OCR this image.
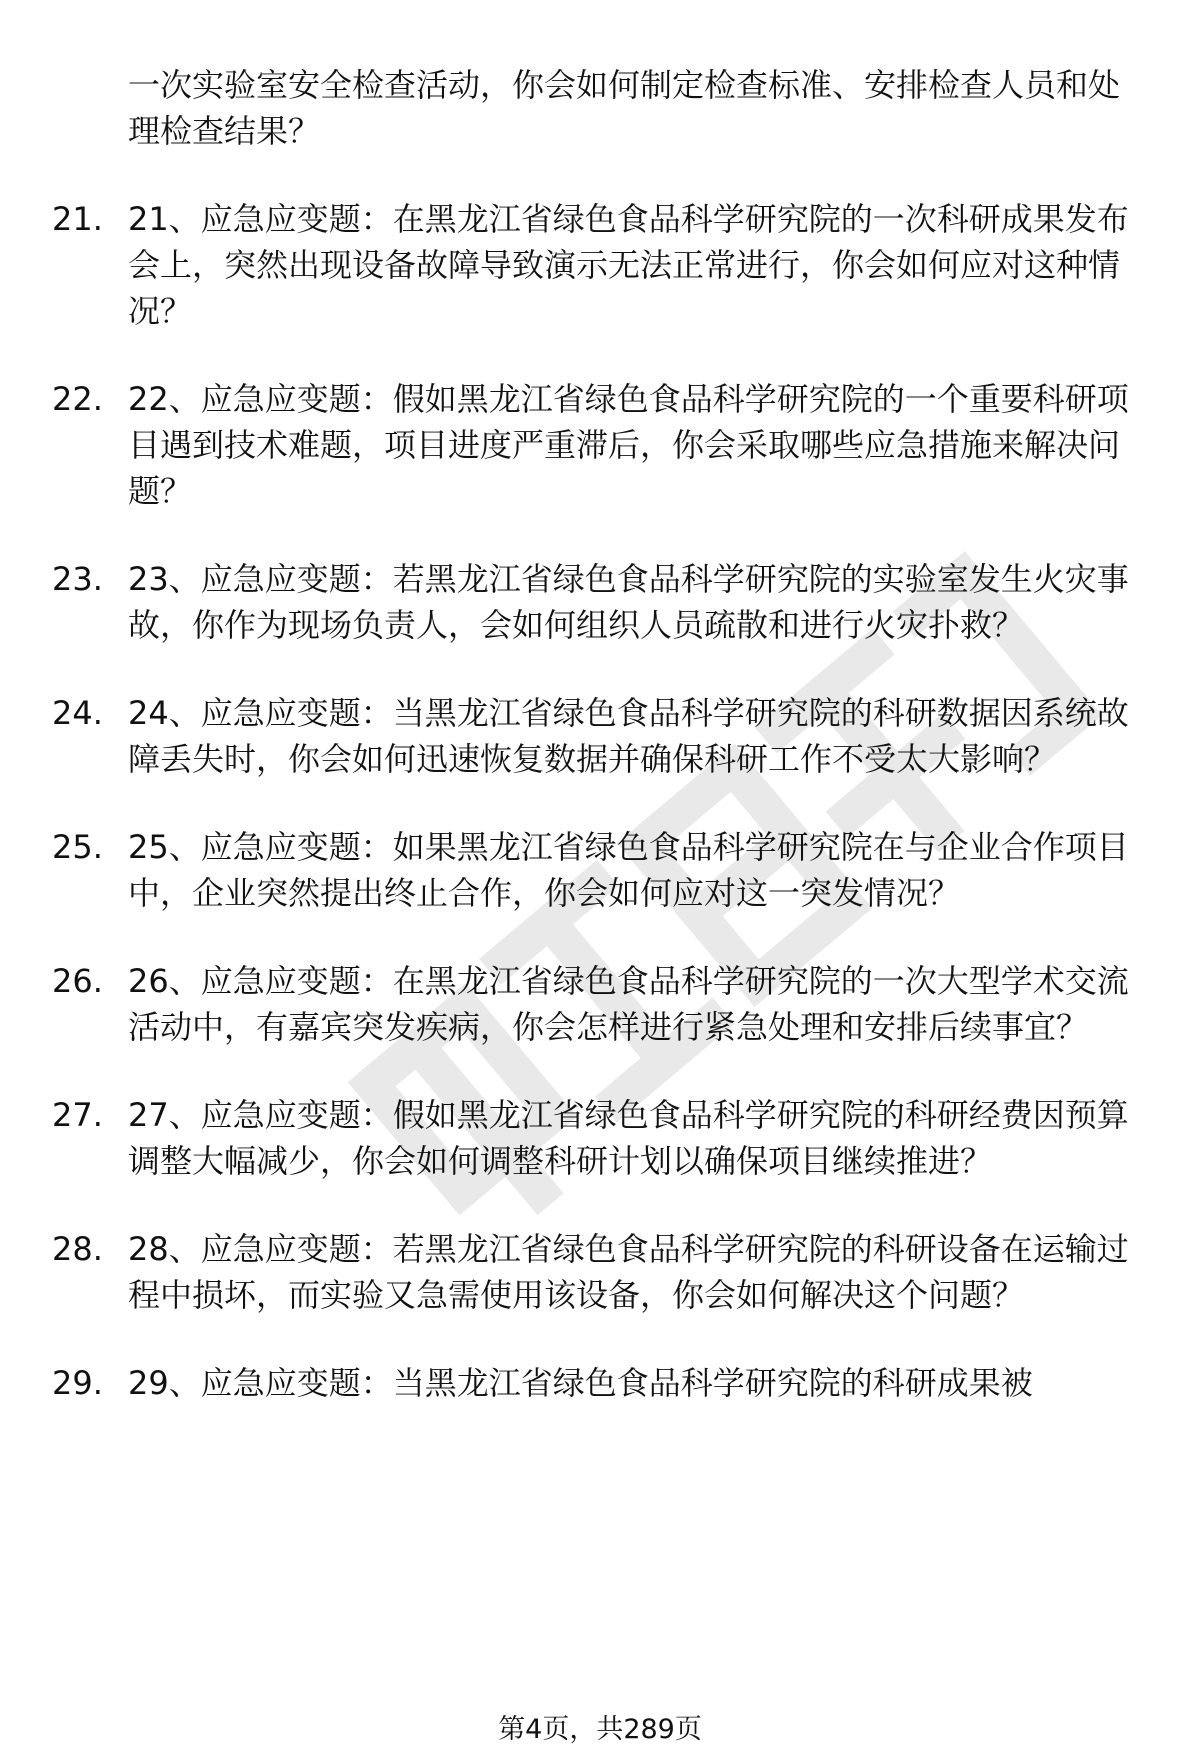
一次实验室安全检查活动，你会如何制定检查标准、安排检查人员和处理检查结果？
21. 21、应急应变题：在黑龙江省绿色食品科学研究院的一次科研成果发布会上，突然出现设备故障导致演示无法正常进行，你会如何应对这种情况？
22. 22、应急应变题：假如黑龙江省绿色食品科学研究院的一个重要科研项目遇到技术难题，项目进度严重滞后，你会采取哪些应急措施来解决问题？
23. 23、应急应变题：若黑龙江省绿色食品科学研究院的实验室发生火灾事故，你作为现场负责人，会如何组织人员疏散和进行火灾扑救？
24. 24、应急应变题：当黑龙江省绿色食品科学研究院的科研数据因系统故障丢失时，你会如何迅速恢复数据并确保科研工作不受太大影响？
25. 25、应急应变题：如果黑龙江省绿色食品科学研究院在与企业合作项目中，企业突然提出终止合作，你会如何应对这一突发情况？
26. 26、应急应变题：在黑龙江省绿色食品科学研究院的一次大型学术交流活动中，有嘉宾突发疾病，你会怎样进行紧急处理和安排后续事宜？
27. 27、应急应变题：假如黑龙江省绿色食品科学研究院的科研经费因预算调整大幅减少，你会如何调整科研计划以确保项目继续推进？
28. 28、应急应变题：若黑龙江省绿色食品科学研究院的科研设备在运输过程中损坏，而实验又急需使用该设备，你会如何解决这个问题？
29. 29、应急应变题：当黑龙江省绿色食品科学研究院的科研成果被
第4页，共289页
